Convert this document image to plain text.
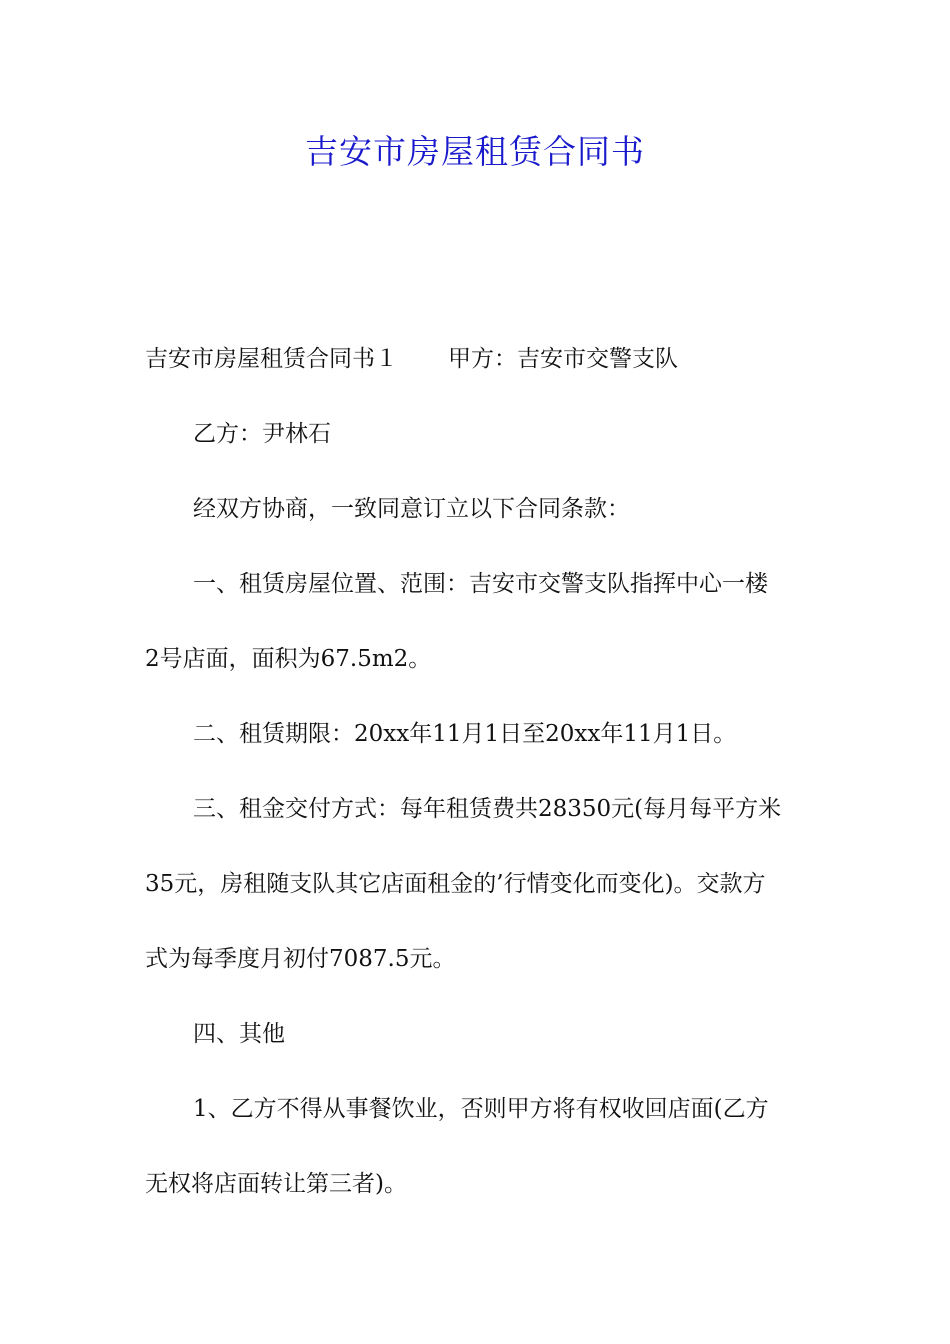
吉安市房屋租赁合同书
吉安市房屋租赁合同书１ 甲方：吉安市交警支队
乙方：尹林石
经双方协商，一致同意订立以下合同条款：
一、租赁房屋位置、范围：吉安市交警支队指挥中心一楼
2号店面，面积为67.5m2。
二、租赁期限：20xx年11月1日至20xx年11月1日。
三、租金交付方式：每年租赁费共28350元(每月每平方米
35元，房租随支队其它店面租金的’行情变化而变化)。交款方
式为每季度月初付7087.5元。
四、其他
1、乙方不得从事餐饮业，否则甲方将有权收回店面(乙方
无权将店面转让第三者)。
